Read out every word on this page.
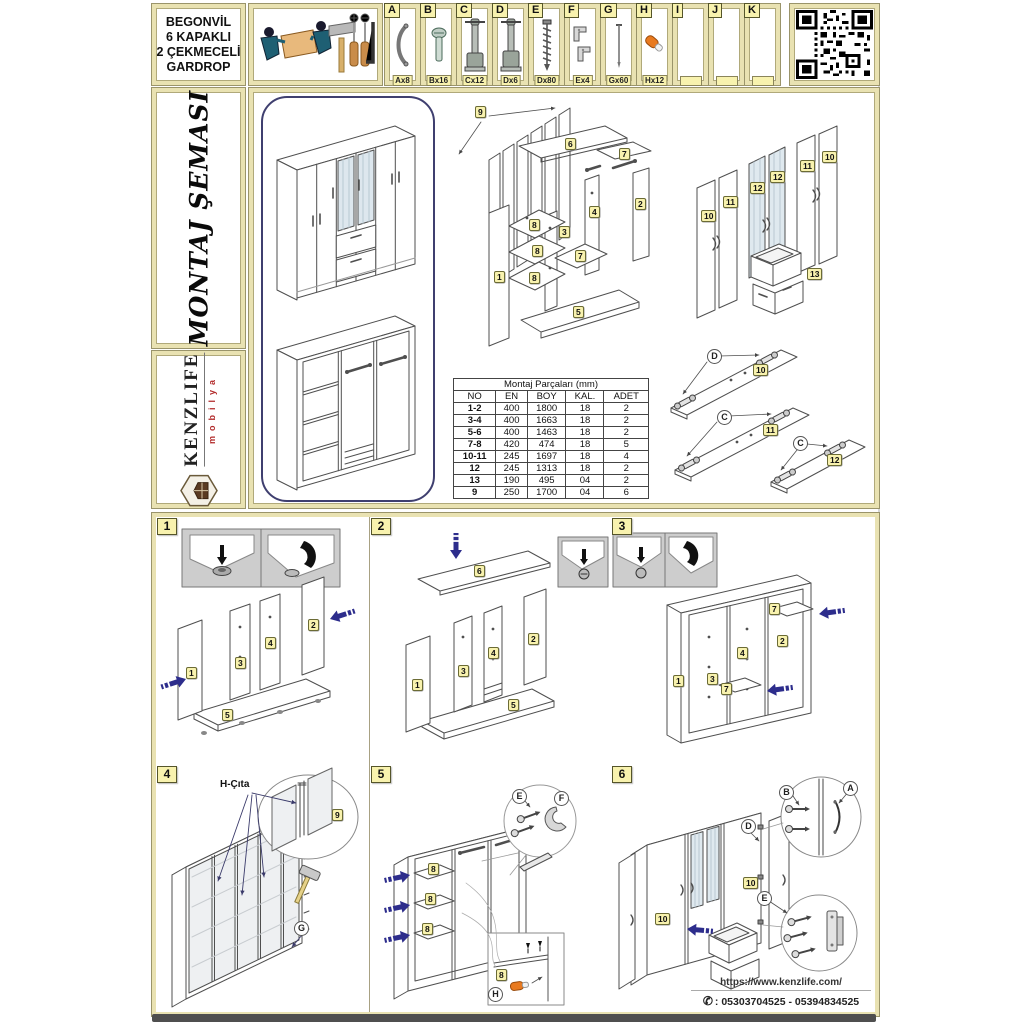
BEGONVİL
6 KAPAKLI
2 ÇEKMECELİ
GARDROP
A
Ax8
B
Bx16
C
Cx12
D
Dx6
E
Dx80
F
Ex4
G
Gx60
H
Hx12
I	J	K
MONTAJ ŞEMASI
KENZLIFE mobilya
9
6
7
2
4
3
8
8
8
7
1
5
10
11
12
12
11
10
13
Montaj Parçaları (mm)				
NO	EN	BOY	KAL.	ADET
1-2	400	1800	18	2
3-4	400	1663	18	2
5-6	400	1463	18	2
7-8	420	474	18	5
10-11	245	1697	18	4
12	245	1313	18	2
13	190	495	04	2
9	250	1700	04	6
D
C
C
10
11
12
1
1
3
4
2
5
2
6
1
3
4
2
5
3
1	3
4
2
7
7
4
H-Çıta
9
G
5
8
8
8
E	F
8
H
6
D
A
B
E
10
10
https://www.kenzlife.com/
✆ : 05303704525 - 05394834525
